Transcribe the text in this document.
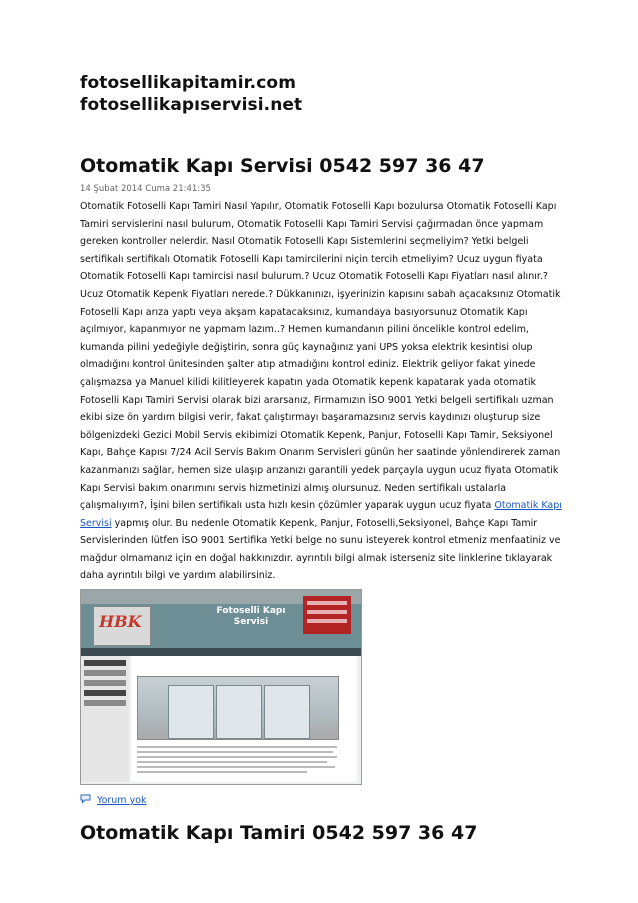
fotosellikapitamir.com
fotosellikapıservisi.net
Otomatik Kapı Servisi 0542 597 36 47
14 Şubat 2014 Cuma 21:41:35
Otomatik Fotoselli Kapı Tamiri Nasıl Yapılır, Otomatik Fotoselli Kapı bozulursa Otomatik Fotoselli Kapı Tamiri servislerini nasıl bulurum, Otomatik Fotoselli Kapı Tamiri Servisi çağırmadan önce yapmam gereken kontroller nelerdir. Nasıl Otomatik Fotoselli Kapı Sistemlerini seçmeliyim? Yetki belgeli sertifikalı sertifikalı Otomatik Fotoselli Kapı tamircilerini niçin tercih etmeliyim? Ucuz uygun fiyata Otomatik Fotoselli Kapı tamircisi nasıl bulurum.? Ucuz Otomatik Fotoselli Kapı Fiyatları nasıl alınır.? Ucuz Otomatik Kepenk Fiyatları nerede.? Dükkanınızı, işyerinizin kapısını sabah açacaksınız Otomatik Fotoselli Kapı arıza yaptı veya akşam kapatacaksınız, kumandaya basıyorsunuz Otomatik Kapı açılmıyor, kapanmıyor ne yapmam lazım..? Hemen kumandanın pilini öncelikle kontrol edelim, kumanda pilini yedeğiyle değiştirin, sonra güç kaynağınız yani UPS yoksa elektrik kesintisi olup olmadığını kontrol ünitesinden şalter atıp atmadığını kontrol ediniz. Elektrik geliyor fakat yinede çalışmazsa ya Manuel kilidi kilitleyerek kapatın yada Otomatik kepenk kapatarak yada otomatik Fotoselli Kapı Tamiri Servisi olarak bizi ararsanız, Firmamızın İSO 9001 Yetki belgeli sertifikalı uzman ekibi size ön yardım bilgisi verir, fakat çalıştırmayı başaramazsınız servis kaydınızı oluşturup size bölgenizdeki Gezici Mobil Servis ekibimizi Otomatik Kepenk, Panjur, Fotoselli Kapı Tamir, Seksiyonel Kapı, Bahçe Kapısı 7/24 Acil Servis Bakım Onarım Servisleri günün her saatinde yönlendirerek zaman kazanmanızı sağlar, hemen size ulaşıp arızanızı garantili yedek parçayla uygun ucuz fiyata Otomatik Kapı Servisi bakım onarımını servis hizmetinizi almış olursunuz. Neden sertifikalı ustalarla çalışmalıyım?, İşini bilen sertifikalı usta hızlı kesin çözümler yaparak uygun ucuz fiyata Otomatik Kapı Servisi yapmış olur. Bu nedenle Otomatik Kepenk, Panjur, Fotoselli,Seksiyonel, Bahçe Kapı Tamir Servislerinden lütfen İSO 9001 Sertifika Yetki belge no sunu isteyerek kontrol etmeniz menfaatiniz ve mağdur olmamanız için en doğal hakkınızdır. ayrıntılı bilgi almak isterseniz site linklerine tıklayarak daha ayrıntılı bilgi ve yardım alabilirsiniz.
HBK
Fotoselli Kapı Servisi
Yorum yok
Otomatik Kapı Tamiri 0542 597 36 47
